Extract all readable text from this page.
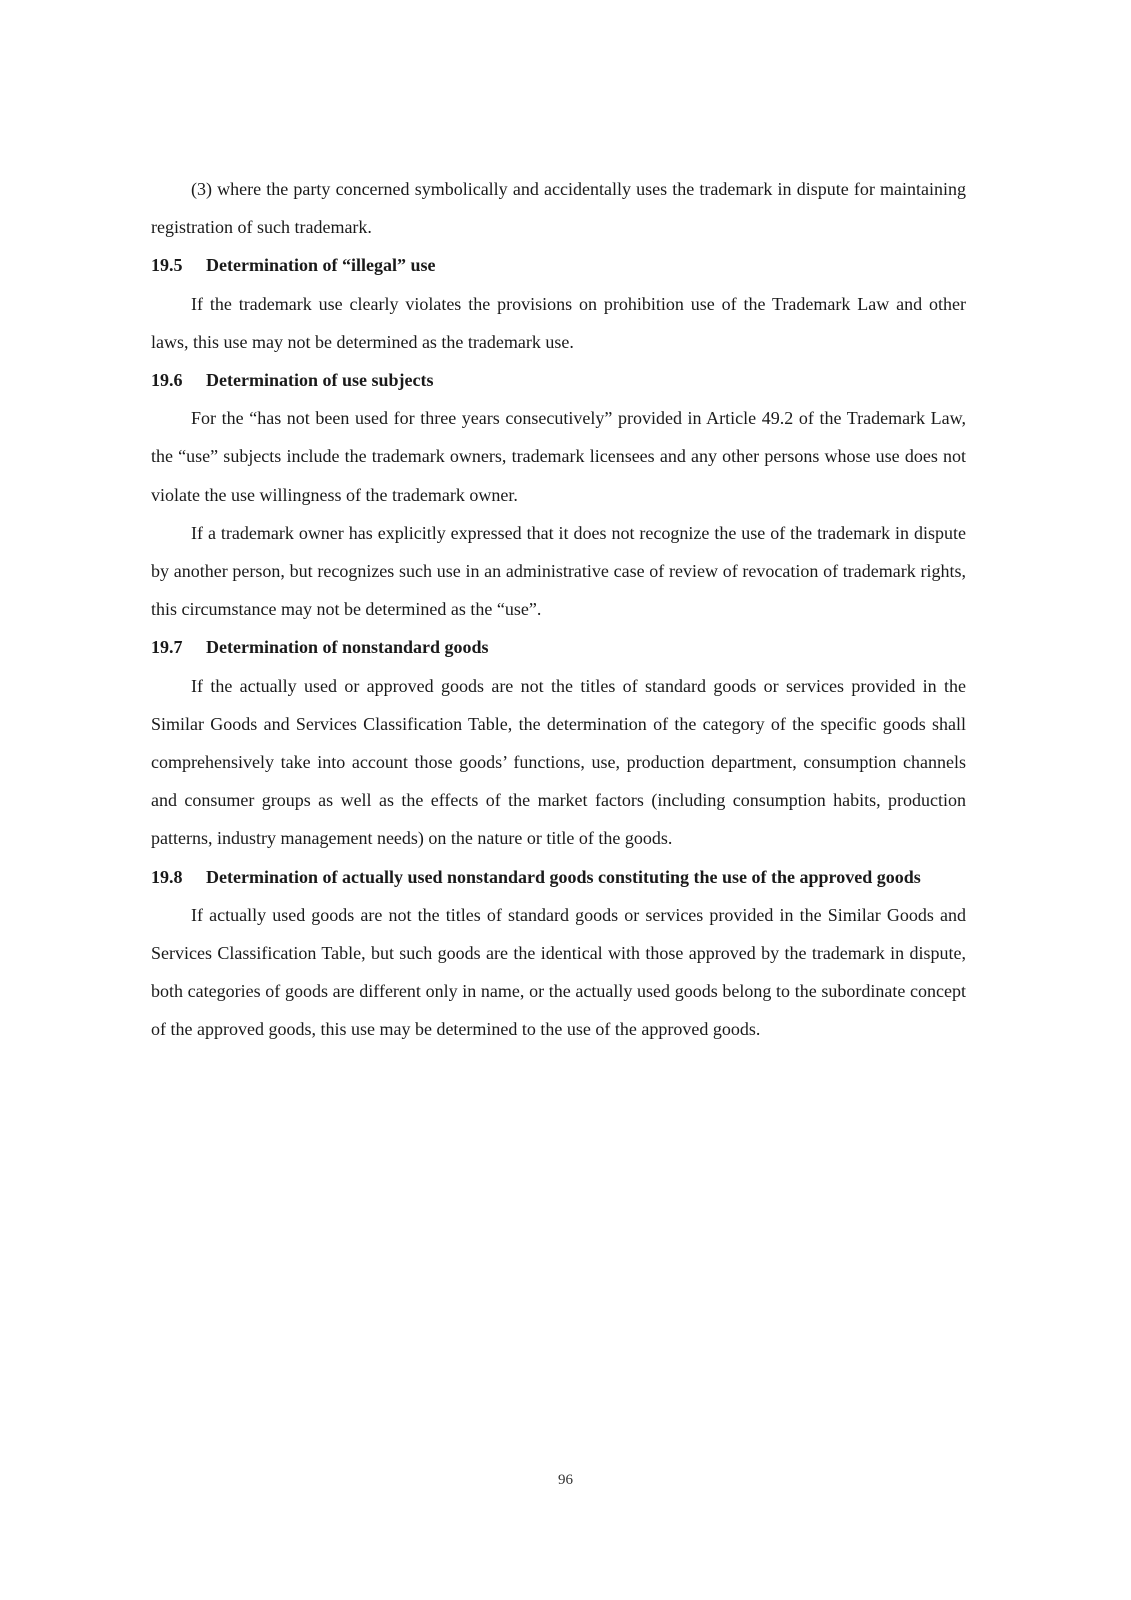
(3) where the party concerned symbolically and accidentally uses the trademark in dispute for maintaining registration of such trademark.

19.5 Determination of “illegal” use

If the trademark use clearly violates the provisions on prohibition use of the Trademark Law and other laws, this use may not be determined as the trademark use.

19.6 Determination of use subjects

For the “has not been used for three years consecutively” provided in Article 49.2 of the Trademark Law, the “use” subjects include the trademark owners, trademark licensees and any other persons whose use does not violate the use willingness of the trademark owner.

If a trademark owner has explicitly expressed that it does not recognize the use of the trademark in dispute by another person, but recognizes such use in an administrative case of review of revocation of trademark rights, this circumstance may not be determined as the “use”.

19.7 Determination of nonstandard goods

If the actually used or approved goods are not the titles of standard goods or services provided in the Similar Goods and Services Classification Table, the determination of the category of the specific goods shall comprehensively take into account those goods’ functions, use, production department, consumption channels and consumer groups as well as the effects of the market factors (including consumption habits, production patterns, industry management needs) on the nature or title of the goods.

19.8 Determination of actually used nonstandard goods constituting the use of the approved goods

If actually used goods are not the titles of standard goods or services provided in the Similar Goods and Services Classification Table, but such goods are the identical with those approved by the trademark in dispute, both categories of goods are different only in name, or the actually used goods belong to the subordinate concept of the approved goods, this use may be determined to the use of the approved goods.

96
